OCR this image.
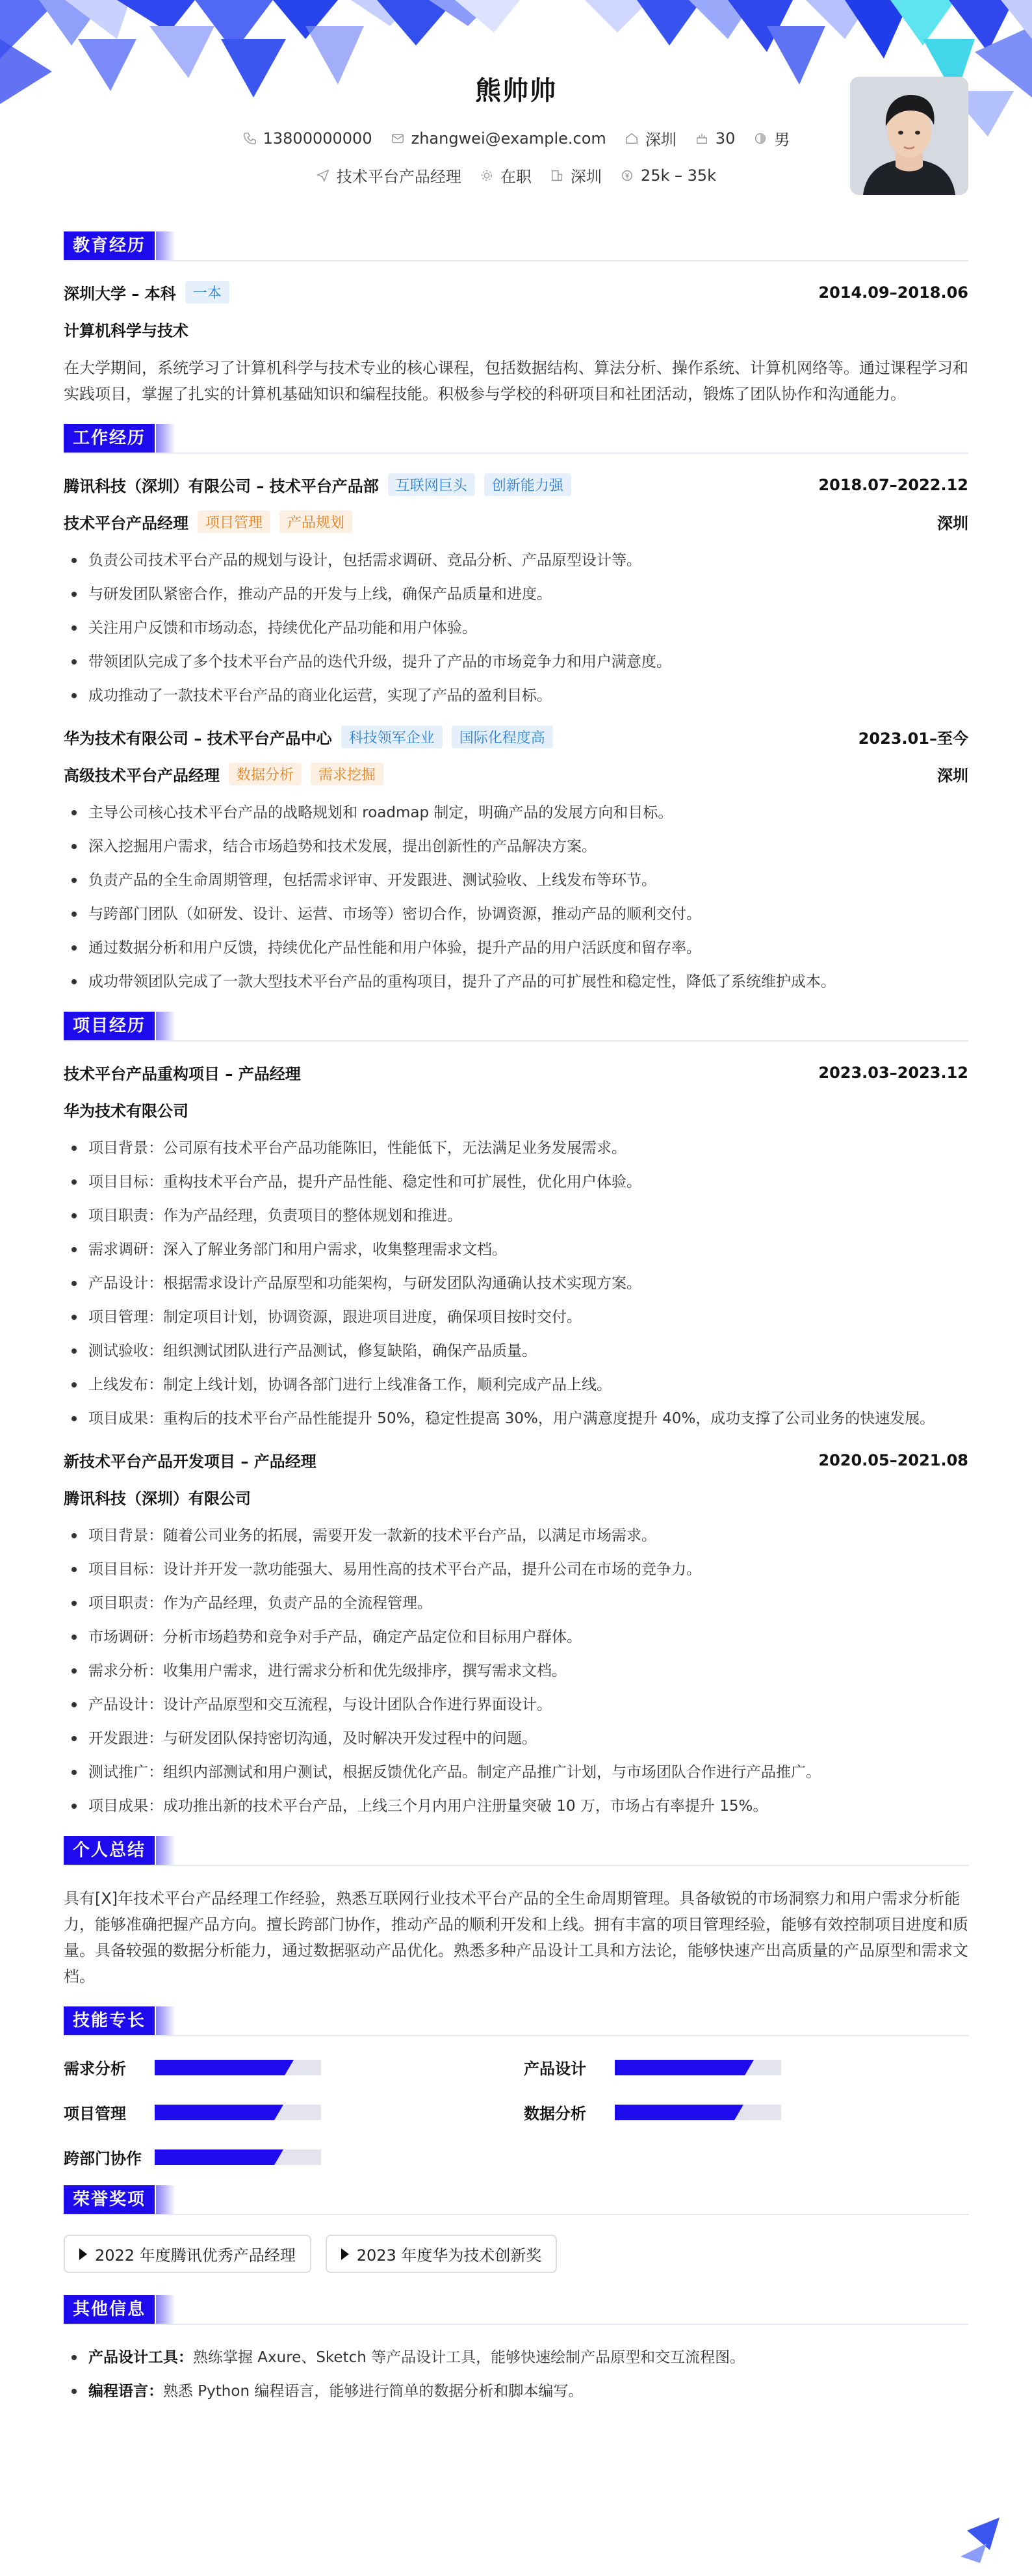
熊帅帅
13800000000	zhangwei@example.com	深圳	30	男
技术平台产品经理	在职	深圳	25k – 35k
教育经历
深圳大学 – 本科	一本	2014.09–2018.06
计算机科学与技术
在大学期间，系统学习了计算机科学与技术专业的核心课程，包括数据结构、算法分析、操作系统、计算机网络等。通过课程学习和实践项目，掌握了扎实的计算机基础知识和编程技能。积极参与学校的科研项目和社团活动，锻炼了团队协作和沟通能力。
工作经历
腾讯科技（深圳）有限公司 – 技术平台产品部	互联网巨头	创新能力强	2018.07–2022.12
技术平台产品经理	项目管理	产品规划	深圳
负责公司技术平台产品的规划与设计，包括需求调研、竞品分析、产品原型设计等。
与研发团队紧密合作，推动产品的开发与上线，确保产品质量和进度。
关注用户反馈和市场动态，持续优化产品功能和用户体验。
带领团队完成了多个技术平台产品的迭代升级，提升了产品的市场竞争力和用户满意度。
成功推动了一款技术平台产品的商业化运营，实现了产品的盈利目标。
华为技术有限公司 – 技术平台产品中心	科技领军企业	国际化程度高	2023.01–至今
高级技术平台产品经理	数据分析	需求挖掘	深圳
主导公司核心技术平台产品的战略规划和 roadmap 制定，明确产品的发展方向和目标。
深入挖掘用户需求，结合市场趋势和技术发展，提出创新性的产品解决方案。
负责产品的全生命周期管理，包括需求评审、开发跟进、测试验收、上线发布等环节。
与跨部门团队（如研发、设计、运营、市场等）密切合作，协调资源，推动产品的顺利交付。
通过数据分析和用户反馈，持续优化产品性能和用户体验，提升产品的用户活跃度和留存率。
成功带领团队完成了一款大型技术平台产品的重构项目，提升了产品的可扩展性和稳定性，降低了系统维护成本。
项目经历
技术平台产品重构项目 – 产品经理	2023.03–2023.12
华为技术有限公司
项目背景：公司原有技术平台产品功能陈旧，性能低下，无法满足业务发展需求。
项目目标：重构技术平台产品，提升产品性能、稳定性和可扩展性，优化用户体验。
项目职责：作为产品经理，负责项目的整体规划和推进。
需求调研：深入了解业务部门和用户需求，收集整理需求文档。
产品设计：根据需求设计产品原型和功能架构，与研发团队沟通确认技术实现方案。
项目管理：制定项目计划，协调资源，跟进项目进度，确保项目按时交付。
测试验收：组织测试团队进行产品测试，修复缺陷，确保产品质量。
上线发布：制定上线计划，协调各部门进行上线准备工作，顺利完成产品上线。
项目成果：重构后的技术平台产品性能提升 50%，稳定性提高 30%，用户满意度提升 40%，成功支撑了公司业务的快速发展。
新技术平台产品开发项目 – 产品经理	2020.05–2021.08
腾讯科技（深圳）有限公司
项目背景：随着公司业务的拓展，需要开发一款新的技术平台产品，以满足市场需求。
项目目标：设计并开发一款功能强大、易用性高的技术平台产品，提升公司在市场的竞争力。
项目职责：作为产品经理，负责产品的全流程管理。
市场调研：分析市场趋势和竞争对手产品，确定产品定位和目标用户群体。
需求分析：收集用户需求，进行需求分析和优先级排序，撰写需求文档。
产品设计：设计产品原型和交互流程，与设计团队合作进行界面设计。
开发跟进：与研发团队保持密切沟通，及时解决开发过程中的问题。
测试推广：组织内部测试和用户测试，根据反馈优化产品。制定产品推广计划，与市场团队合作进行产品推广。
项目成果：成功推出新的技术平台产品，上线三个月内用户注册量突破 10 万，市场占有率提升 15%。
个人总结
具有[X]年技术平台产品经理工作经验，熟悉互联网行业技术平台产品的全生命周期管理。具备敏锐的市场洞察力和用户需求分析能力，能够准确把握产品方向。擅长跨部门协作，推动产品的顺利开发和上线。拥有丰富的项目管理经验，能够有效控制项目进度和质量。具备较强的数据分析能力，通过数据驱动产品优化。熟悉多种产品设计工具和方法论，能够快速产出高质量的产品原型和需求文档。
技能专长
需求分析	产品设计
项目管理	数据分析
跨部门协作
荣誉奖项
2022 年度腾讯优秀产品经理	2023 年度华为技术创新奖
其他信息
产品设计工具：熟练掌握 Axure、Sketch 等产品设计工具，能够快速绘制产品原型和交互流程图。
编程语言：熟悉 Python 编程语言，能够进行简单的数据分析和脚本编写。
